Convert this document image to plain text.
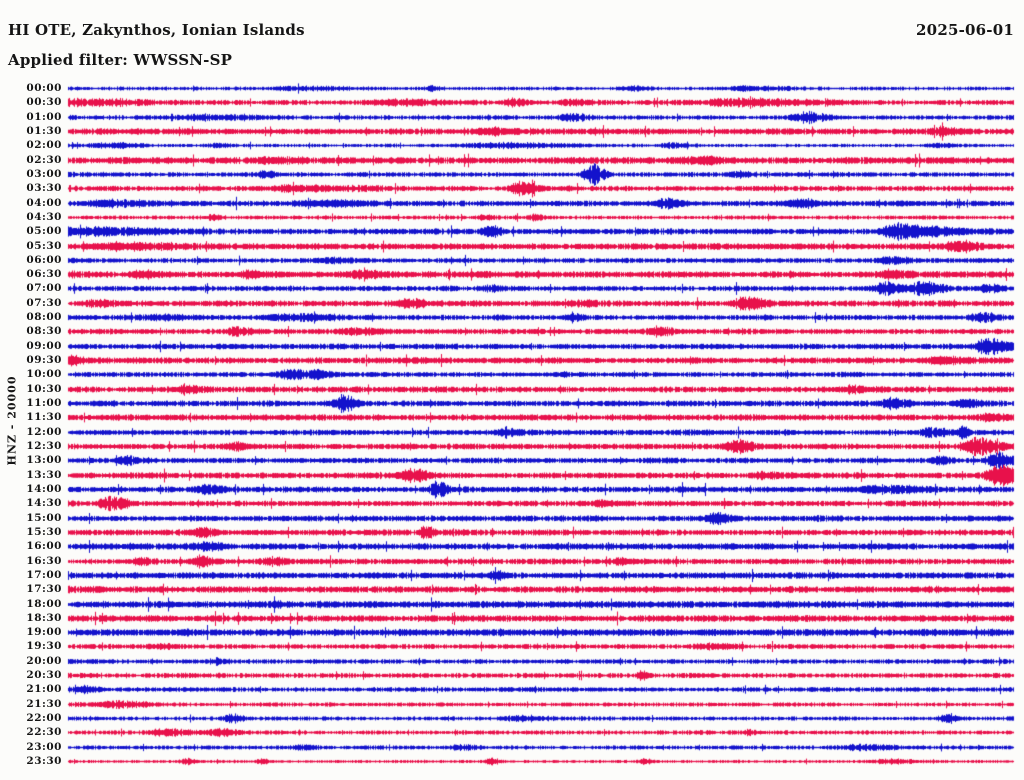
HI OTE, Zakynthos, Ionian Islands	2025-06-01
Applied filter: WWSSN-SP
HNZ - 20000
00:00
00:30
01:00
01:30
02:00
02:30
03:00
03:30
04:00
04:30
05:00
05:30
06:00
06:30
07:00
07:30
08:00
08:30
09:00
09:30
10:00
10:30
11:00
11:30
12:00
12:30
13:00
13:30
14:00
14:30
15:00
15:30
16:00
16:30
17:00
17:30
18:00
18:30
19:00
19:30
20:00
20:30
21:00
21:30
22:00
22:30
23:00
23:30
